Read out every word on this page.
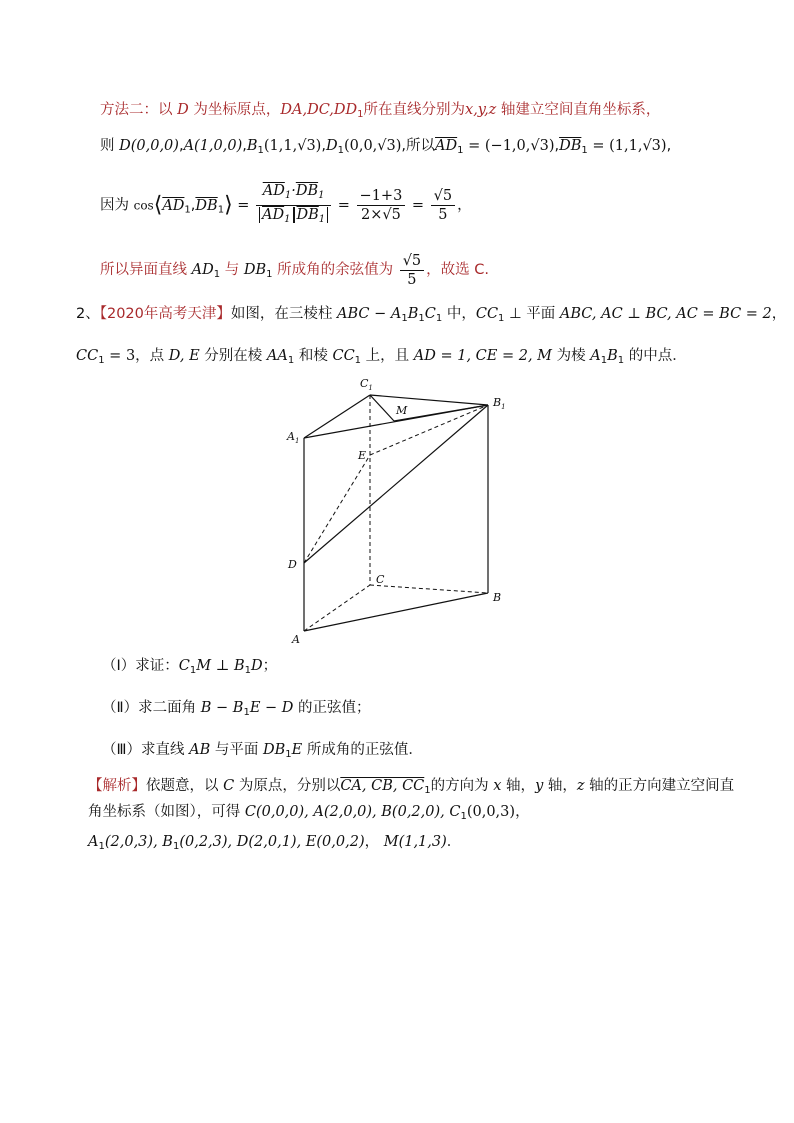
方法二：以 D 为坐标原点，$DA,DC,DD_1$所在直线分别为x,y,z 轴建立空间直角坐标系，
则 $D(0,0,0),A(1,0,0),B_1(1,1,√3),D_1(0,0,√3)$,所以$\overline{AD}_1 = (-1,0,√3),\overline{DB}_1 = (1,1,√3)$,
因为 $\cos⟨\overline{AD}_1,\overline{DB}_1⟩ = \frac{\overline{AD}_1\cdot\overline{DB}_1}{\overline{AD}_1 \overline{DB}_1} = \frac{-1+3}{2\times√5} = \frac{√5}{5}$ ，
所以异面直线 $AD_1$ 与 $DB_1$ 所成角的余弦值为 $\frac{√5}{5}$ ，故选 C.
2、【2020年高考天津】如图，在三棱柱 ABC − $A_1B_1C_1$ 中，$CC_1$ ⊥ 平面 ABC, AC ⊥ BC, AC = BC = 2，
$CC_1 = 3$，点 D, E 分别在棱 $AA_1$ 和棱 $CC_1$ 上，且 AD = 1, CE = 2, M 为棱 $A_1B_1$ 的中点．
$C_1$
M
$B_1$
$A_1$
E
D
C
B
A
（Ⅰ）求证：$C_1M$ ⊥ $B_1D$；
（Ⅱ）求二面角 $B - B_1E - D$ 的正弦值；
（Ⅲ）求直线 AB 与平面 $DB_1E$ 所成角的正弦值．
【解析】依题意，以 C 为原点，分别以CA, CB, $CC_1$的方向为 x 轴，y 轴，z 轴的正方向建立空间直
角坐标系（如图），可得 C(0,0,0), A(2,0,0), B(0,2,0), $C_1(0,0,3)$，
$A_1(2,0,3)$, $B_1(0,2,3)$, D(2,0,1), E(0,0,2)， M(1,1,3)．
